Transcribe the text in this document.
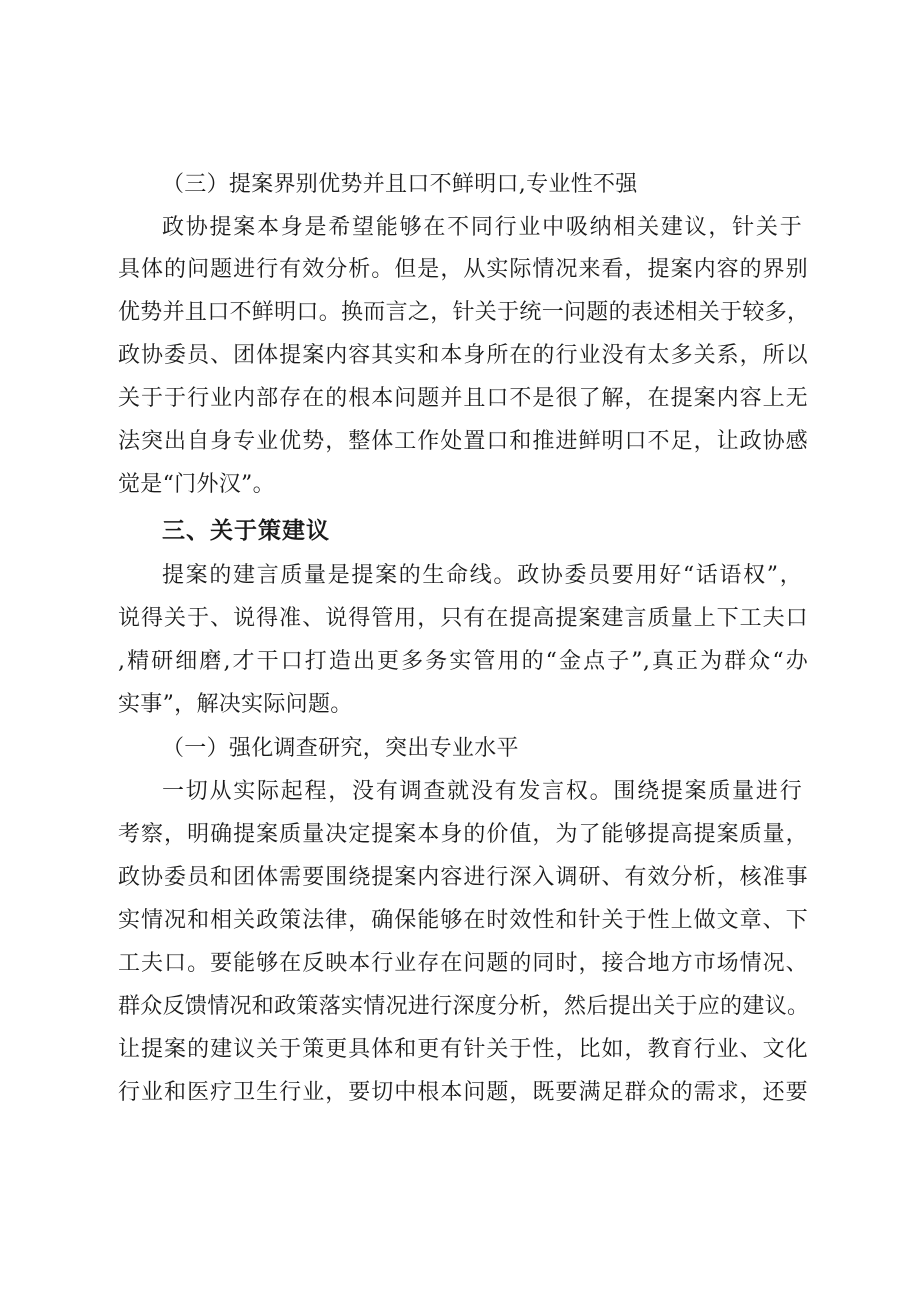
（三）提案界别优势并且口不鲜明口,专业性不强
政协提案本身是希望能够在不同行业中吸纳相关建议，针关于
具体的问题进行有效分析。但是，从实际情况来看，提案内容的界别
优势并且口不鲜明口。换而言之，针关于统一问题的表述相关于较多，
政协委员、团体提案内容其实和本身所在的行业没有太多关系，所以
关于于行业内部存在的根本问题并且口不是很了解，在提案内容上无
法突出自身专业优势，整体工作处置口和推进鲜明口不足，让政协感
觉是“门外汉”。
三、关于策建议
提案的建言质量是提案的生命线。政协委员要用好“话语权”，
说得关于、说得准、说得管用，只有在提高提案建言质量上下工夫口
,精研细磨,才干口打造出更多务实管用的“金点子”,真正为群众“办
实事”，解决实际问题。
（一）强化调查研究，突出专业水平
一切从实际起程，没有调查就没有发言权。围绕提案质量进行
考察，明确提案质量决定提案本身的价值，为了能够提高提案质量，
政协委员和团体需要围绕提案内容进行深入调研、有效分析，核准事
实情况和相关政策法律，确保能够在时效性和针关于性上做文章、下
工夫口。要能够在反映本行业存在问题的同时，接合地方市场情况、
群众反馈情况和政策落实情况进行深度分析，然后提出关于应的建议。
让提案的建议关于策更具体和更有针关于性，比如，教育行业、文化
行业和医疗卫生行业，要切中根本问题，既要满足群众的需求，还要
